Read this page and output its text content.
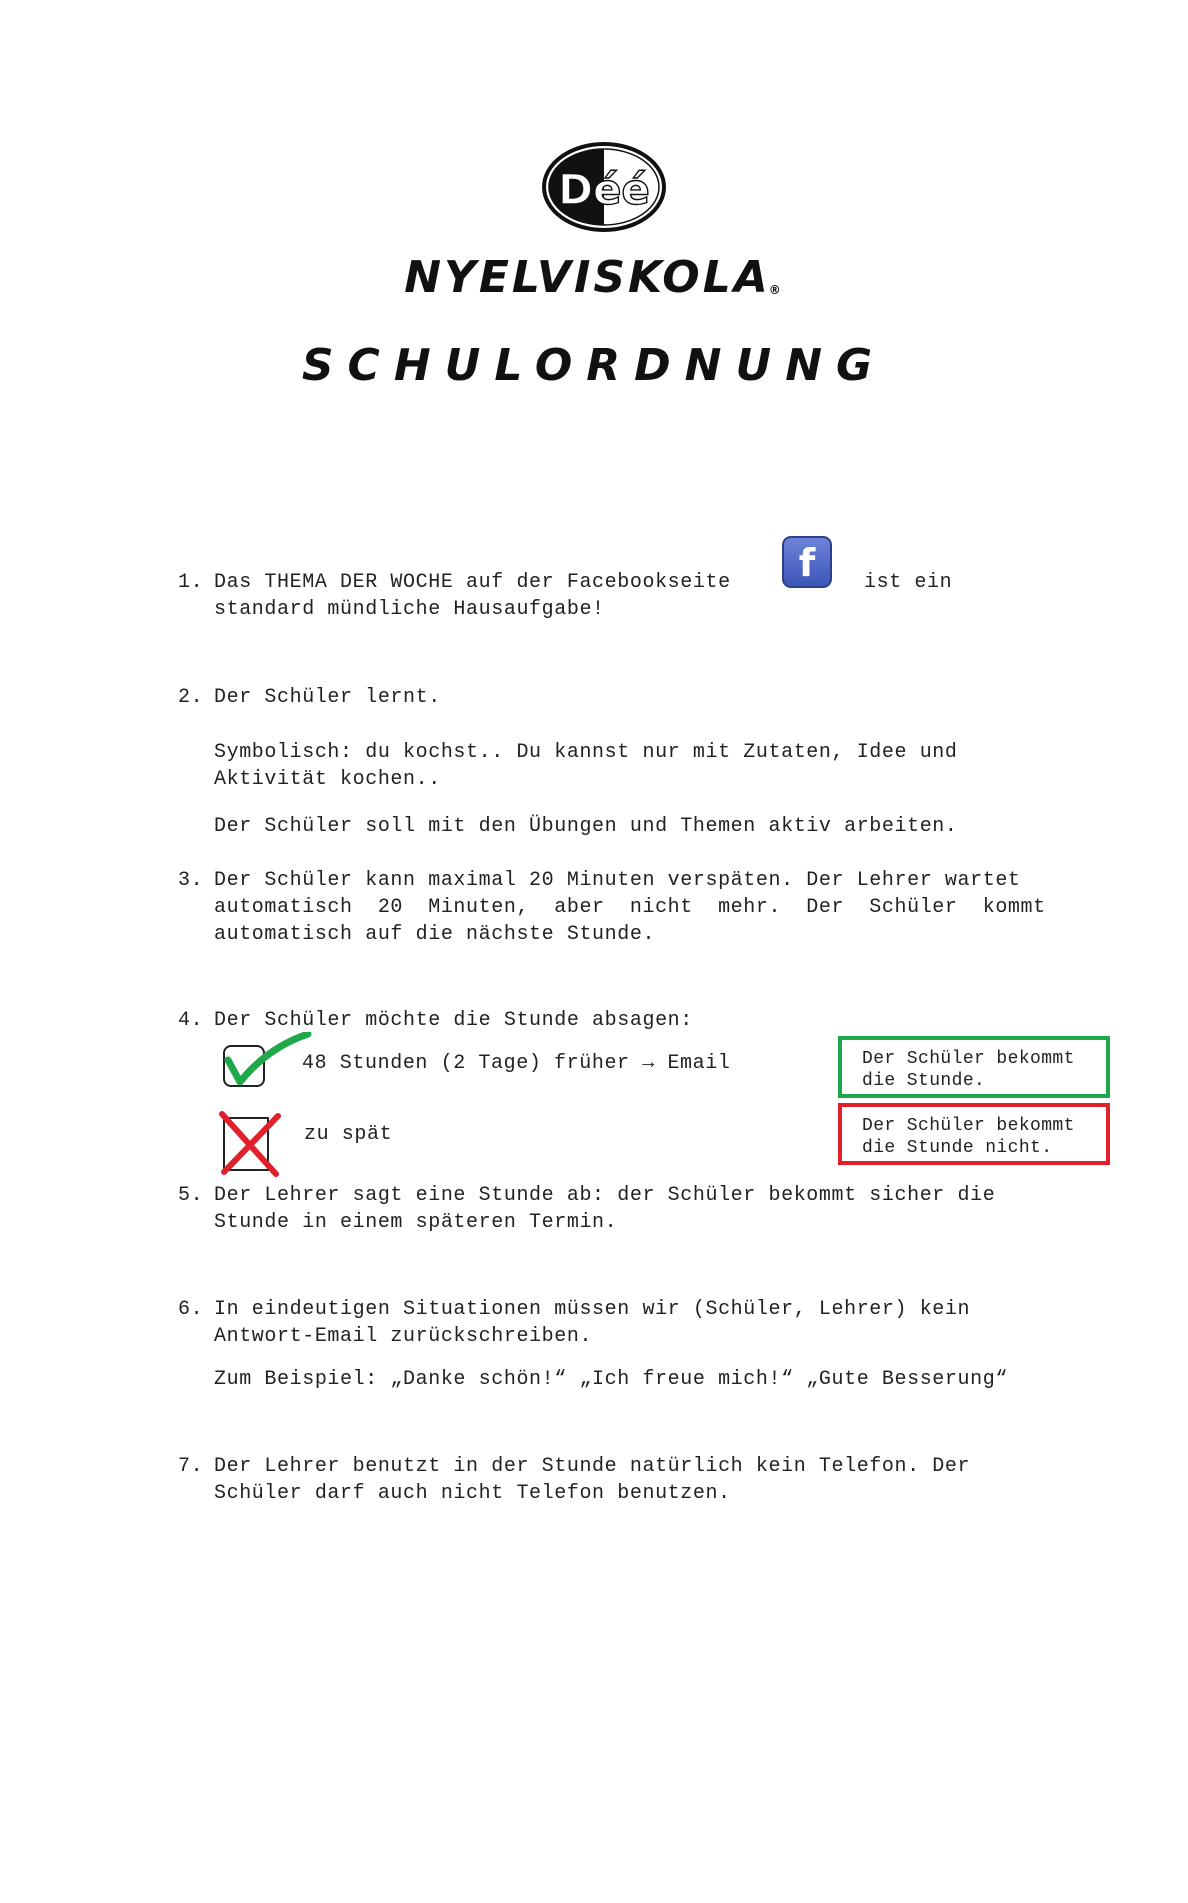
Déé
NYELVISKOLA®
SCHULORDNUNG
1. Das THEMA DER WOCHE auf der Facebookseite	f	ist ein
standard mündliche Hausaufgabe!
2. Der Schüler lernt.
Symbolisch: du kochst.. Du kannst nur mit Zutaten, Idee und
Aktivität kochen..
Der Schüler soll mit den Übungen und Themen aktiv arbeiten.
3. Der Schüler kann maximal 20 Minuten verspäten. Der Lehrer wartet
automatisch  20  Minuten,  aber  nicht  mehr.  Der  Schüler  kommt
automatisch auf die nächste Stunde.
4. Der Schüler möchte die Stunde absagen:
48 Stunden (2 Tage) früher → Email
zu spät
Der Schüler bekommt
die Stunde.
Der Schüler bekommt
die Stunde nicht.
5. Der Lehrer sagt eine Stunde ab: der Schüler bekommt sicher die
Stunde in einem späteren Termin.
6. In eindeutigen Situationen müssen wir (Schüler, Lehrer) kein
Antwort-Email zurückschreiben.
Zum Beispiel: „Danke schön!“ „Ich freue mich!“ „Gute Besserung“
7. Der Lehrer benutzt in der Stunde natürlich kein Telefon. Der
Schüler darf auch nicht Telefon benutzen.
